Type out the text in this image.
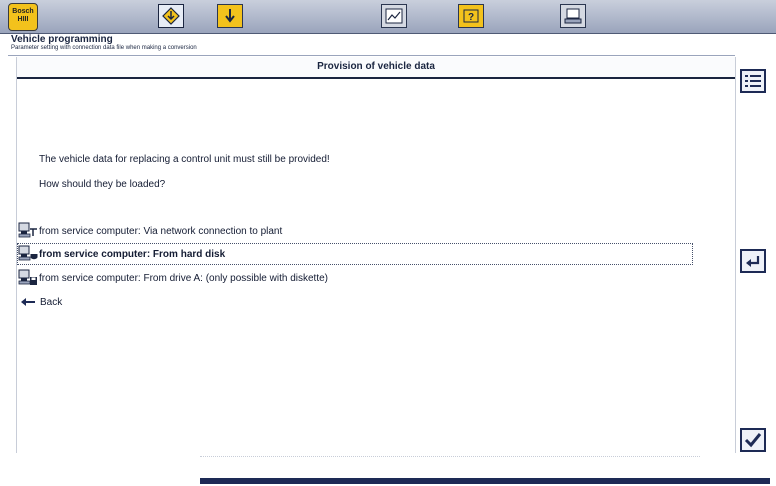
Bosch
HIII	?
Vehicle programming
Parameter setting with connection data file when making a conversion
Provision of vehicle data
The vehicle data for replacing a control unit must still be provided!
How should they be loaded?
from service computer: Via network connection to plant
from service computer: From hard disk
from service computer: From drive A: (only possible with diskette)
Back
